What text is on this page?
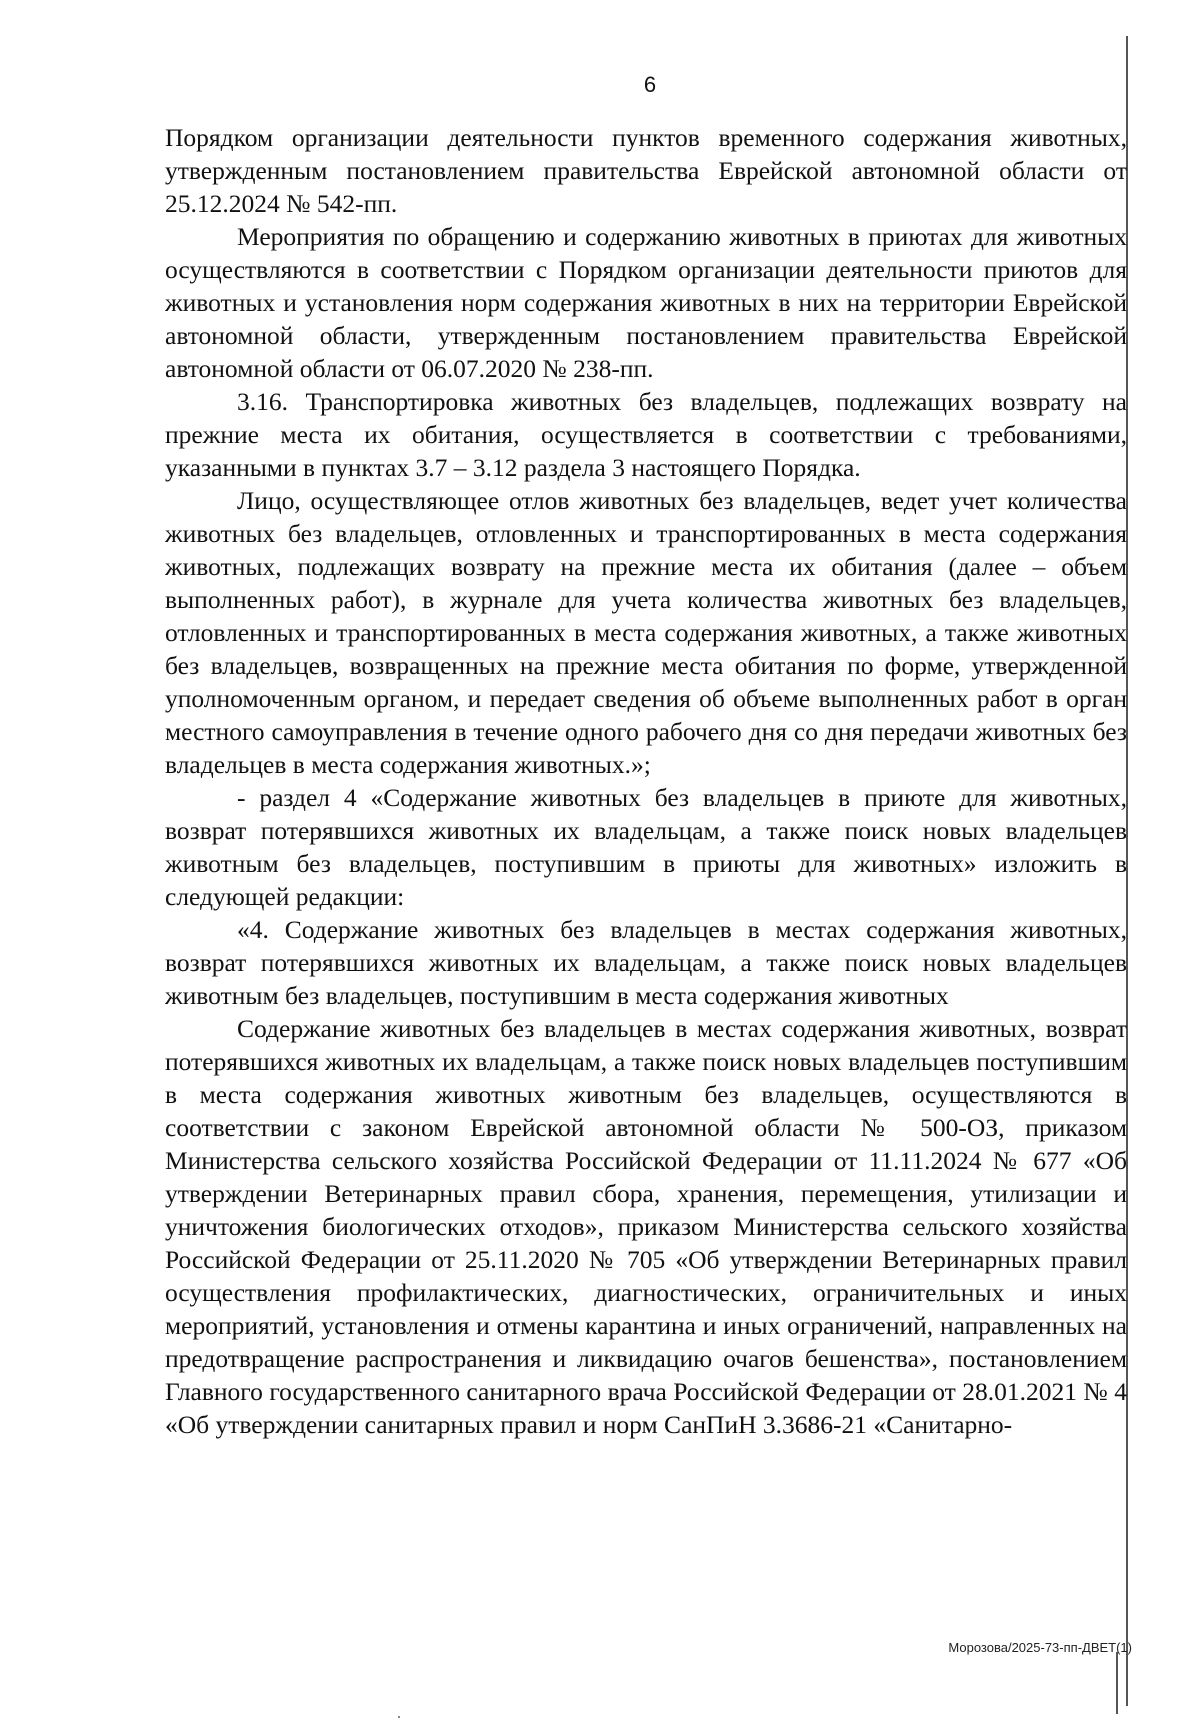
6

Порядком организации деятельности пунктов временного содержания животных, утвержденным постановлением правительства Еврейской автономной области от 25.12.2024 № 542-пп.

Мероприятия по обращению и содержанию животных в приютах для животных осуществляются в соответствии с Порядком организации деятельности приютов для животных и установления норм содержания животных в них на территории Еврейской автономной области, утвержденным постановлением правительства Еврейской автономной области от 06.07.2020 № 238-пп.

3.16. Транспортировка животных без владельцев, подлежащих возврату на прежние места их обитания, осуществляется в соответствии с требованиями, указанными в пунктах 3.7 – 3.12 раздела 3 настоящего Порядка.

Лицо, осуществляющее отлов животных без владельцев, ведет учет количества животных без владельцев, отловленных и транспортированных в места содержания животных, подлежащих возврату на прежние места их обитания (далее – объем выполненных работ), в журнале для учета количества животных без владельцев, отловленных и транспортированных в места содержания животных, а также животных без владельцев, возвращенных на прежние места обитания по форме, утвержденной уполномоченным органом, и передает сведения об объеме выполненных работ в орган местного самоуправления в течение одного рабочего дня со дня передачи животных без владельцев в места содержания животных.»;

- раздел 4 «Содержание животных без владельцев в приюте для животных, возврат потерявшихся животных их владельцам, а также поиск новых владельцев животным без владельцев, поступившим в приюты для животных» изложить в следующей редакции:

«4. Содержание животных без владельцев в местах содержания животных, возврат потерявшихся животных их владельцам, а также поиск новых владельцев животным без владельцев, поступившим в места содержания животных

Содержание животных без владельцев в местах содержания животных, возврат потерявшихся животных их владельцам, а также поиск новых владельцев поступившим в места содержания животных животным без владельцев, осуществляются в соответствии с законом Еврейской автономной области № 500-ОЗ, приказом Министерства сельского хозяйства Российской Федерации от 11.11.2024 № 677 «Об утверждении Ветеринарных правил сбора, хранения, перемещения, утилизации и уничтожения биологических отходов», приказом Министерства сельского хозяйства Российской Федерации от 25.11.2020 № 705 «Об утверждении Ветеринарных правил осуществления профилактических, диагностических, ограничительных и иных мероприятий, установления и отмены карантина и иных ограничений, направленных на предотвращение распространения и ликвидацию очагов бешенства», постановлением Главного государственного санитарного врача Российской Федерации от 28.01.2021 № 4 «Об утверждении санитарных правил и норм СанПиН 3.3686-21 «Санитарно-

Морозова/2025-73-пп-ДВЕТ(1)
